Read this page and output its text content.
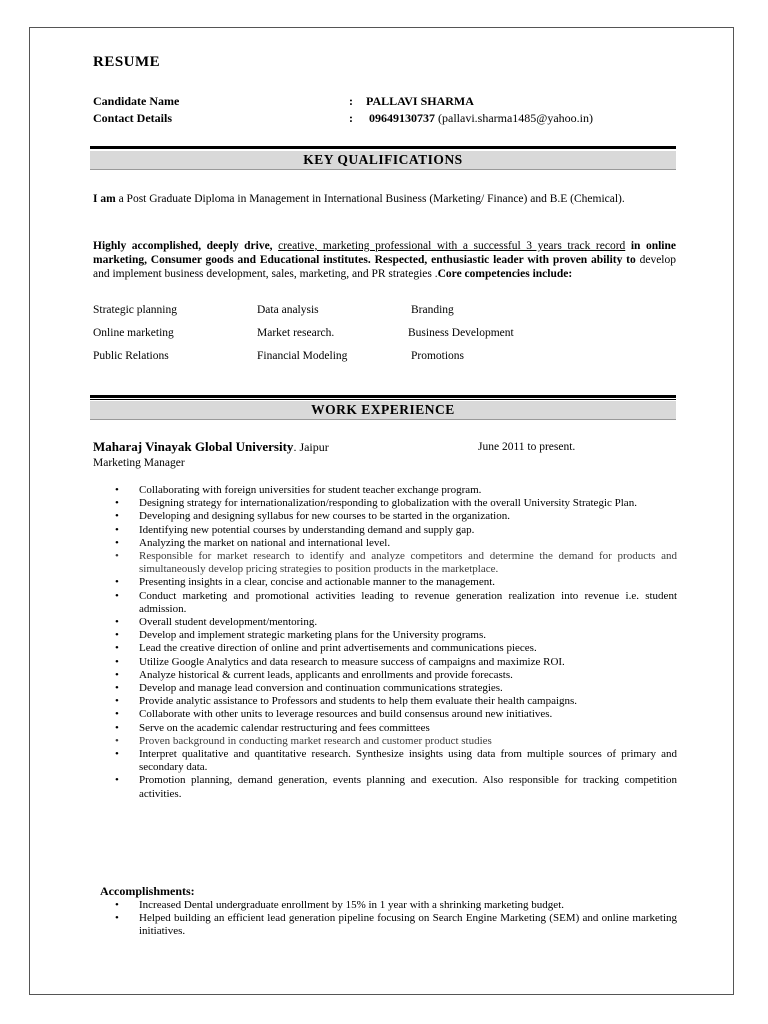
RESUME
Candidate Name	: PALLAVI SHARMA
Contact Details	: 09649130737 (pallavi.sharma1485@yahoo.in)
KEY QUALIFICATIONS
I am a Post Graduate Diploma in Management in International Business (Marketing/ Finance) and B.E (Chemical).
Highly accomplished, deeply drive, creative, marketing professional with a successful 3 years track record in online marketing, Consumer goods and Educational institutes. Respected, enthusiastic leader with proven ability to develop and implement business development, sales, marketing, and PR strategies .Core competencies include:
Strategic planning	Data analysis	Branding
Online marketing	Market research.	Business Development
Public Relations	Financial Modeling	Promotions
WORK EXPERIENCE
Maharaj Vinayak Global University. Jaipur	June 2011 to present.
Marketing Manager
• Collaborating with foreign universities for student teacher exchange program.
• Designing strategy for internationalization/responding to globalization with the overall University Strategic Plan.
• Developing and designing syllabus for new courses to be started in the organization.
• Identifying new potential courses by understanding demand and supply gap.
• Analyzing the market on national and international level.
• Responsible for market research to identify and analyze competitors and determine the demand for products and simultaneously develop pricing strategies to position products in the marketplace.
• Presenting insights in a clear, concise and actionable manner to the management.
• Conduct marketing and promotional activities leading to revenue generation realization into revenue i.e. student admission.
• Overall student development/mentoring.
• Develop and implement strategic marketing plans for the University programs.
• Lead the creative direction of online and print advertisements and communications pieces.
• Utilize Google Analytics and data research to measure success of campaigns and maximize ROI.
• Analyze historical & current leads, applicants and enrollments and provide forecasts.
• Develop and manage lead conversion and continuation communications strategies.
• Provide analytic assistance to Professors and students to help them evaluate their health campaigns.
• Collaborate with other units to leverage resources and build consensus around new initiatives.
• Serve on the academic calendar restructuring and fees committees
• Proven background in conducting market research and customer product studies
• Interpret qualitative and quantitative research. Synthesize insights using data from multiple sources of primary and secondary data.
• Promotion planning, demand generation, events planning and execution. Also responsible for tracking competition activities.
Accomplishments:
• Increased Dental undergraduate enrollment by 15% in 1 year with a shrinking marketing budget.
• Helped building an efficient lead generation pipeline focusing on Search Engine Marketing (SEM) and online marketing initiatives.
